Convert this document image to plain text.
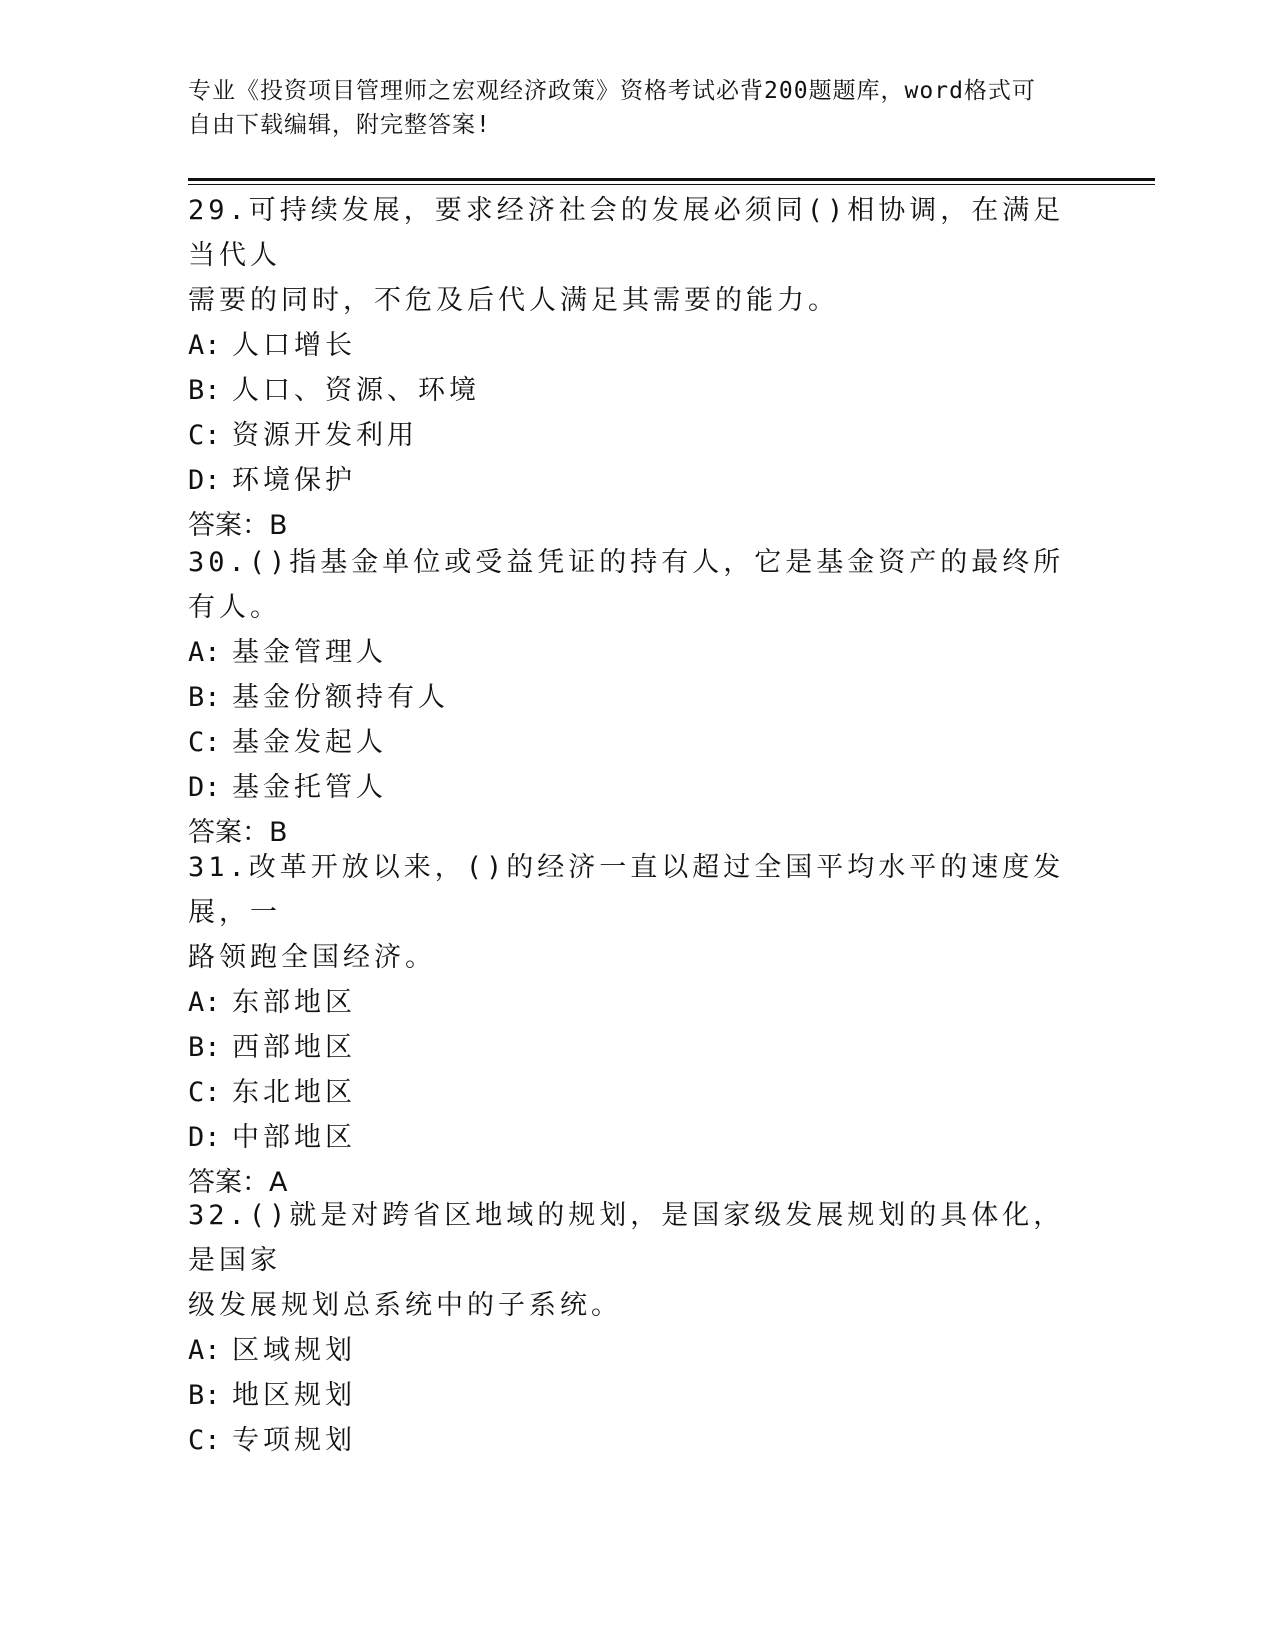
专业《投资项目管理师之宏观经济政策》资格考试必背200题题库，word格式可
自由下载编辑，附完整答案!

29.可持续发展，要求经济社会的发展必须同()相协调，在满足当代人

需要的同时，不危及后代人满足其需要的能力。

A: 人口增长

B: 人口、资源、环境

C: 资源开发利用

D: 环境保护

答案：B

30.()指基金单位或受益凭证的持有人，它是基金资产的最终所有人。

A: 基金管理人

B: 基金份额持有人

C: 基金发起人

D: 基金托管人

答案：B

31.改革开放以来，()的经济一直以超过全国平均水平的速度发展，一

路领跑全国经济。

A: 东部地区

B: 西部地区

C: 东北地区

D: 中部地区

答案：A

32.()就是对跨省区地域的规划，是国家级发展规划的具体化，是国家

级发展规划总系统中的子系统。

A: 区域规划

B: 地区规划

C: 专项规划
